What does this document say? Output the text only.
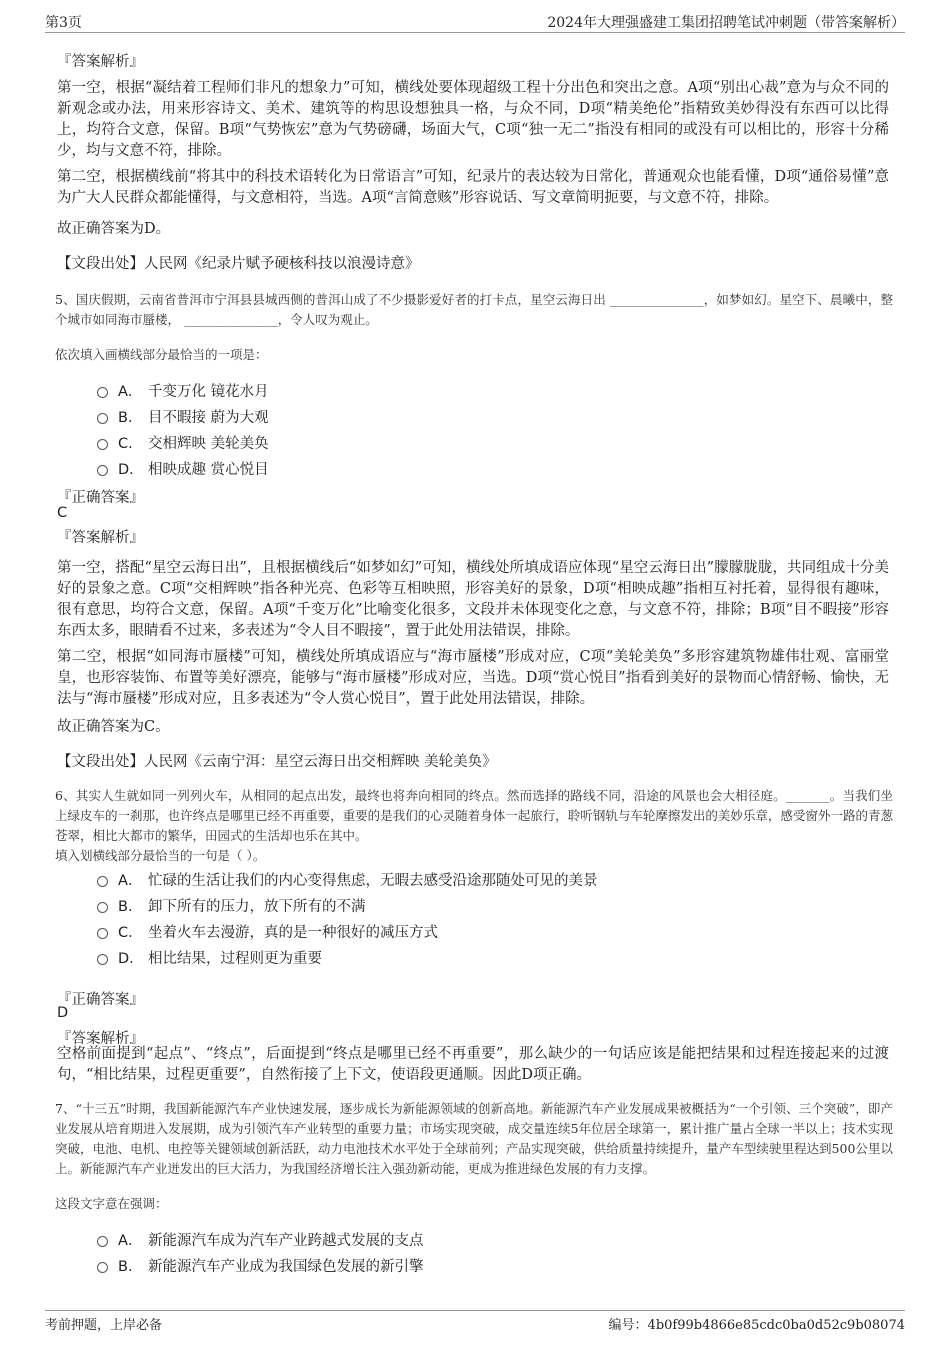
第3页	2024年大理强盛建工集团招聘笔试冲刺题（带答案解析）
『答案解析』
第一空，根据“凝结着工程师们非凡的想象力”可知，横线处要体现超级工程十分出色和突出之意。A项“别出心裁”意为与众不同的新观念或办法，用来形容诗文、美术、建筑等的构思设想独具一格，与众不同，D项“精美绝伦”指精致美妙得没有东西可以比得上，均符合文意，保留。B项“气势恢宏”意为气势磅礴，场面大气，C项“独一无二”指没有相同的或没有可以相比的，形容十分稀少，均与文意不符，排除。
第二空，根据横线前“将其中的科技术语转化为日常语言”可知，纪录片的表达较为日常化，普通观众也能看懂，D项“通俗易懂”意为广大人民群众都能懂得，与文意相符，当选。A项“言简意赅”形容说话、写文章简明扼要，与文意不符，排除。
故正确答案为D。
【文段出处】人民网《纪录片赋予硬核科技以浪漫诗意》
5、国庆假期，云南省普洱市宁洱县县城西侧的普洱山成了不少摄影爱好者的打卡点，星空云海日出 _______________，如梦如幻。星空下、晨曦中，整个城市如同海市蜃楼， _______________，令人叹为观止。
依次填入画横线部分最恰当的一项是：
A． 千变万化 镜花水月
B． 目不暇接 蔚为大观
C． 交相辉映 美轮美奂
D． 相映成趣 赏心悦目
『正确答案』
C
『答案解析』
第一空，搭配“星空云海日出”，且根据横线后“如梦如幻”可知，横线处所填成语应体现“星空云海日出”朦朦胧胧，共同组成十分美好的景象之意。C项“交相辉映”指各种光亮、色彩等互相映照，形容美好的景象，D项“相映成趣”指相互衬托着，显得很有趣味，很有意思，均符合文意，保留。A项“千变万化”比喻变化很多，文段并未体现变化之意，与文意不符，排除；B项“目不暇接”形容东西太多，眼睛看不过来，多表述为“令人目不暇接”，置于此处用法错误，排除。
第二空，根据“如同海市蜃楼”可知，横线处所填成语应与“海市蜃楼”形成对应，C项“美轮美奂”多形容建筑物雄伟壮观、富丽堂皇，也形容装饰、布置等美好漂亮，能够与“海市蜃楼”形成对应，当选。D项“赏心悦目”指看到美好的景物而心情舒畅、愉快，无法与“海市蜃楼”形成对应，且多表述为“令人赏心悦目”，置于此处用法错误，排除。
故正确答案为C。
【文段出处】人民网《云南宁洱：星空云海日出交相辉映 美轮美奂》
6、其实人生就如同一列列火车，从相同的起点出发，最终也将奔向相同的终点。然而选择的路线不同，沿途的风景也会大相径庭。_______。当我们坐上绿皮车的一刹那，也许终点是哪里已经不再重要，重要的是我们的心灵随着身体一起旅行，聆听钢轨与车轮摩擦发出的美妙乐章，感受窗外一路的青葱苍翠，相比大都市的繁华，田园式的生活却也乐在其中。
填入划横线部分最恰当的一句是（ ）。
A． 忙碌的生活让我们的内心变得焦虑，无暇去感受沿途那随处可见的美景
B． 卸下所有的压力，放下所有的不满
C． 坐着火车去漫游，真的是一种很好的减压方式
D． 相比结果，过程则更为重要
『正确答案』
D
『答案解析』
空格前面提到“起点”、“终点”，后面提到“终点是哪里已经不再重要”，那么缺少的一句话应该是能把结果和过程连接起来的过渡句，“相比结果，过程更重要”，自然衔接了上下文，使语段更通顺。因此D项正确。
7、“十三五”时期，我国新能源汽车产业快速发展，逐步成长为新能源领域的创新高地。新能源汽车产业发展成果被概括为“一个引领、三个突破”，即产业发展从培育期进入发展期，成为引领汽车产业转型的重要力量；市场实现突破，成交量连续5年位居全球第一，累计推广量占全球一半以上；技术实现突破，电池、电机、电控等关键领域创新活跃，动力电池技术水平处于全球前列；产品实现突破，供给质量持续提升，量产车型续驶里程达到500公里以上。新能源汽车产业迸发出的巨大活力，为我国经济增长注入强劲新动能，更成为推进绿色发展的有力支撑。
这段文字意在强调：
A． 新能源汽车成为汽车产业跨越式发展的支点
B． 新能源汽车产业成为我国绿色发展的新引擎
考前押题，上岸必备	编号：4b0f99b4866e85cdc0ba0d52c9b08074
